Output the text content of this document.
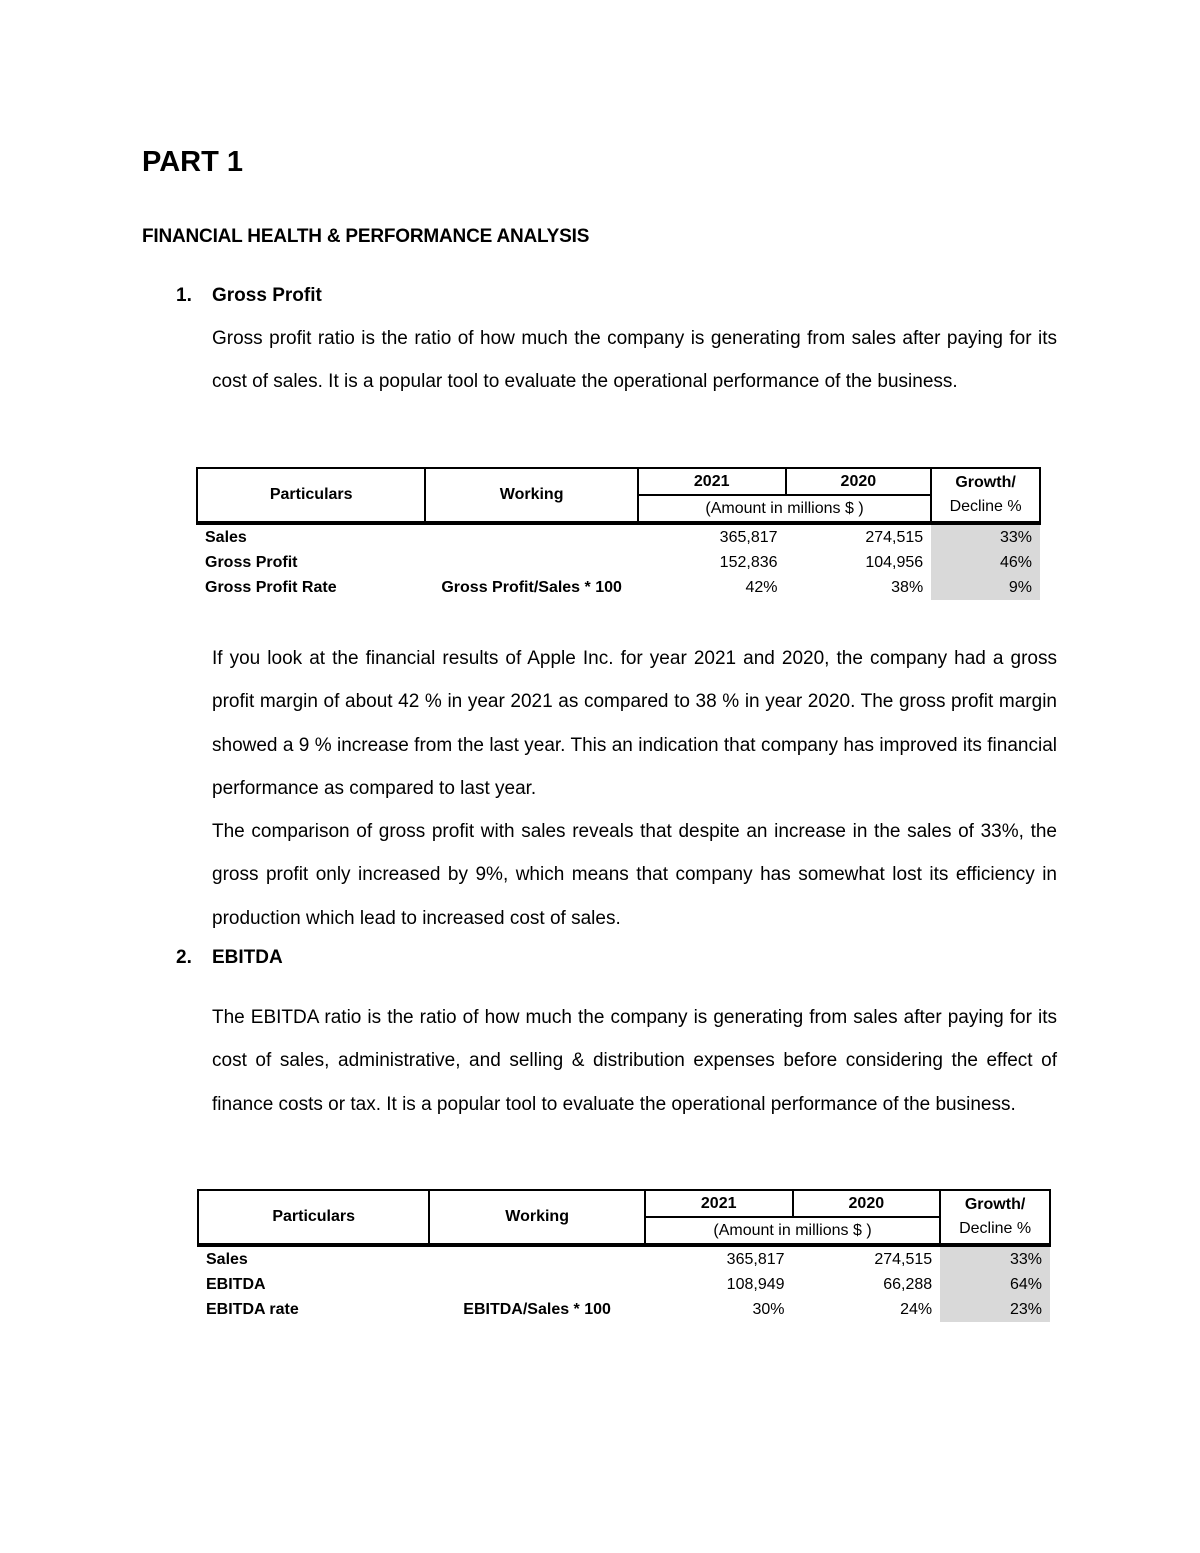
PART 1
FINANCIAL HEALTH & PERFORMANCE ANALYSIS
1. Gross Profit

Gross profit ratio is the ratio of how much the company is generating from sales after paying for its cost of sales. It is a popular tool to evaluate the operational performance of the business.

Particulars	Working	2021	2020	Growth/
Decline %
		(Amount in millions $ )		
Sales		365,817	274,515	33%
Gross Profit		152,836	104,956	46%
Gross Profit Rate	Gross Profit/Sales * 100	42%	38%	9%

If you look at the financial results of Apple Inc. for year 2021 and 2020, the company had a gross profit margin of about 42 % in year 2021 as compared to 38 % in year 2020. The gross profit margin showed a 9 % increase from the last year. This an indication that company has improved its financial performance as compared to last year.

The comparison of gross profit with sales reveals that despite an increase in the sales of 33%, the gross profit only increased by 9%, which means that company has somewhat lost its efficiency in production which lead to increased cost of sales.

2. EBITDA

The EBITDA ratio is the ratio of how much the company is generating from sales after paying for its cost of sales, administrative, and selling & distribution expenses before considering the effect of finance costs or tax. It is a popular tool to evaluate the operational performance of the business.

Particulars	Working	2021	2020	Growth/
Decline %
		(Amount in millions $ )		
Sales		365,817	274,515	33%
EBITDA		108,949	66,288	64%
EBITDA rate	EBITDA/Sales * 100	30%	24%	23%
